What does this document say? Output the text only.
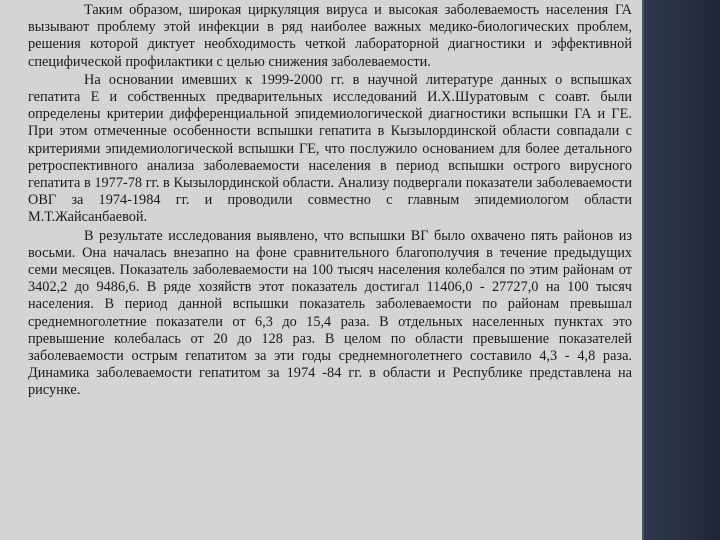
Таким образом, широкая циркуляция вируса и высокая заболеваемость населения ГА вызывают проблему этой инфекции в ряд наиболее важных медико-биологических проблем, решения которой диктует необходимость четкой лабораторной диагностики и эффективной специфической профилактики с целью снижения заболеваемости.

На основании имевших к 1999-2000 гг. в научной литературе данных о вспышках гепатита Е и собственных предварительных исследований И.Х.Шуратовым с соавт. были определены критерии дифференциальной эпидемиологической диагностики вспышки ГА и ГЕ. При этом отмеченные особенности вспышки гепатита в Кызылординской области совпадали с критериями эпидемиологической вспышки ГЕ, что послужило основанием для более детального ретроспективного анализа заболеваемости населения в период вспышки острого вирусного гепатита в 1977-78 гг. в Кызылординской области. Анализу подвергали показатели заболеваемости ОВГ за 1974-1984 гг. и проводили совместно с главным эпидемиологом области М.Т.Жайсанбаевой.

В результате исследования выявлено, что вспышки ВГ было охвачено пять районов из восьми. Она началась внезапно на фоне сравнительного благополучия в течение предыдущих семи месяцев. Показатель заболеваемости на 100 тысяч населения колебался по этим районам от 3402,2 до 9486,6. В ряде хозяйств этот показатель достигал 11406,0 - 27727,0 на 100 тысяч населения. В период данной вспышки показатель заболеваемости по районам превышал среднемноголетние показатели от 6,3 до 15,4 раза. В отдельных населенных пунктах это превышение колебалась от 20 до 128 раз. В целом по области превышение показателей заболеваемости острым гепатитом за эти годы среднемноголетнего составило 4,3 - 4,8 раза. Динамика заболеваемости гепатитом за 1974 -84 гг. в области и Республике представлена на рисунке.
